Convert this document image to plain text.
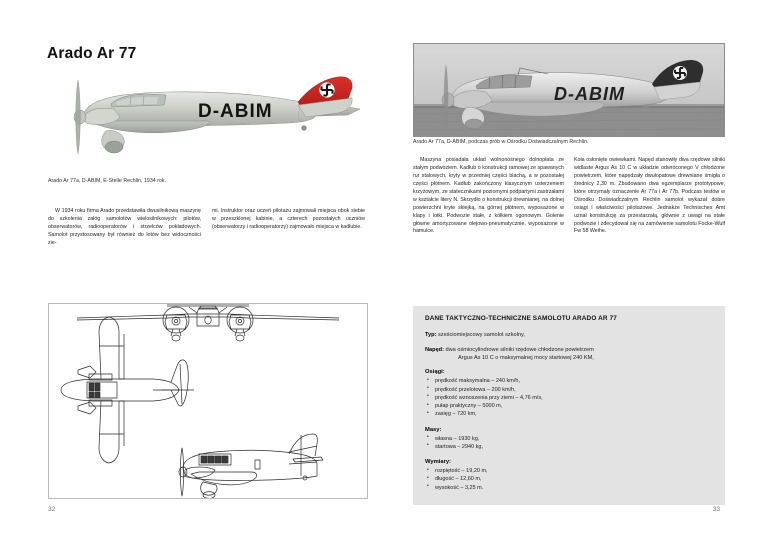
Arado Ar 77
D-ABIM
Arado Ar 77a, D-ABIM, E-Stelle Rechlin, 1934 rok.

W 1934 roku firma Arado przedstawiła dwusilnikową maszynę do szkolenia załóg samolotów wielosilnikowych: pilotów, obserwatorów, radiooperatorów i strzelców pokładowych. Samolot przystosowany był również do lotów bez widoczności zie-

mi. Instruktor oraz uczeń pilotażu zajmowali miejsca obok siebie w przeszklonej kabinie, a czterech pozostałych uczniów (obserwatorzy i radiooperatorzy) zajmowało miejsca w kadłubie.

32
D-ABIM
Arado Ar 77a, D-ABIM, podczas prób w Ośrodku Doświadczalnym Rechlin.

Maszyna posiadała układ wolnonośnego dolnopłata ze stałym podwoziem. Kadłub o konstrukcji ramowej ze spawanych rur stalowych, kryty w przedniej części blachą, a w pozostałej części płótnem. Kadłub zakończony klasycznym usterzeniem krzyżowym, ze statecznikami poziomymi podpartymi zastrzałami w kształcie litery N. Skrzydło o konstrukcji drewnianej, na dolnej powierzchni kryte sklejką, na górnej płótnem, wyposażone w klapy i lotki. Podwozie stałe, z kółkiem ogonowym. Golenie główne amortyzowane olejowo-pneumatycznie, wyposażone w hamulce.

Koła osłonięte owiewkami. Napęd stanowiły dwa rzędowe silniki widlaste Argus As 10 C w układzie odwróconego V chłodzone powietrzem, które napędzały dwułopatowe drewniane śmigła o średnicy 2,30 m. Zbudowano dwa egzemplarze prototypowe, które otrzymały oznaczenie Ar 77a i Ar 77b. Podczas testów w Ośrodku Doświadczalnym Rechlin samolot wykazał dobre osiągi i właściwości pilotażowe. Jednakże Technisches Amt uznał konstrukcję za przestarzałą, głównie z uwagi na stałe podwozie i zdecydował się na zamówienie samolotu Focke-Wulf Fw 58 Weihe.

DANE TAKTYCZNO-TECHNICZNE SAMOLOTU ARADO AR 77
Typ: sześciomiejscowy samolot szkolny,
Napęd: dwa ośmiocylindrowe silniki rzędowe chłodzone powietrzem
Argus As 10 C o maksymalnej mocy startowej 240 KM,
Osiągi:
• prędkość maksymalna – 240 km/h,
• prędkość przelotowa – 200 km/h,
• prędkość wznoszenia przy ziemi – 4,76 m/s,
• pułap praktyczny – 5000 m,
• zasięg – 720 km,
Masy:
• własna – 1930 kg,
• startowa – 2940 kg,
Wymiary:
• rozpiętość – 19,20 m,
• długość – 12,60 m,
• wysokość – 3,25 m.
33
